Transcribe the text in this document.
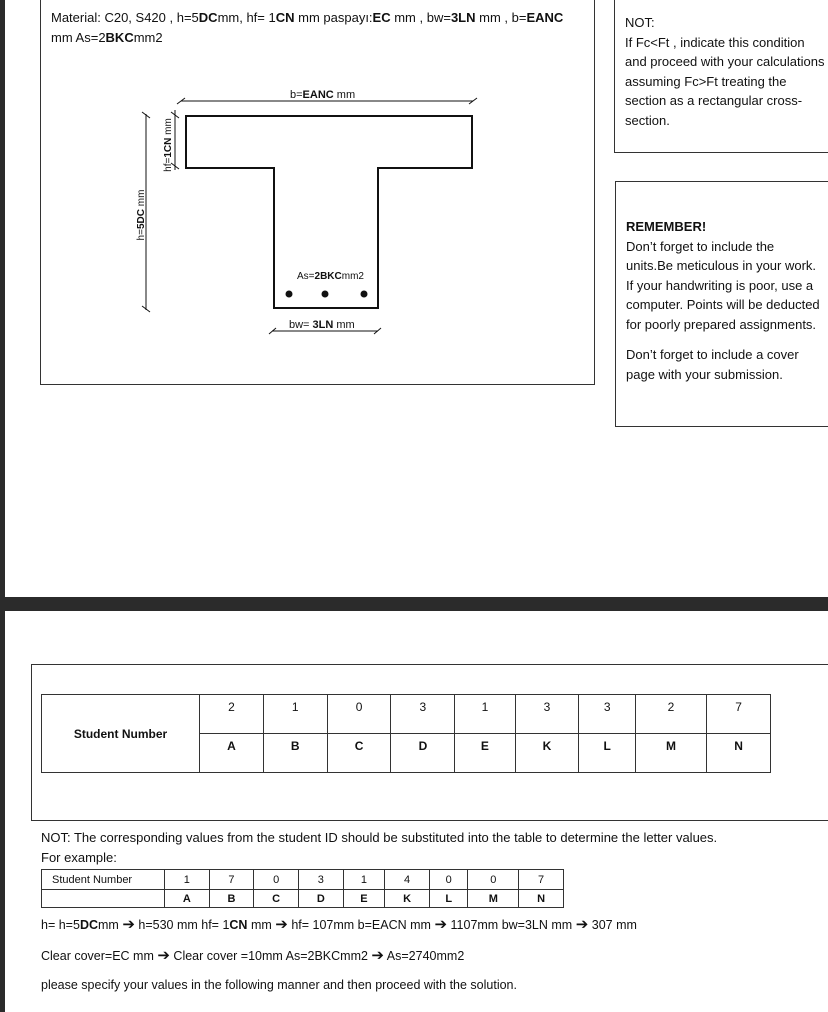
Material: C20, S420 , h=5DCmm, hf= 1CN mm paspayı:EC mm , bw=3LN mm , b=EANC
mm As=2BKCmm2
b=EANC mm
As=2BKCmm2
bw= 3LN mm
h=5DC mm
hf=1CN mm
NOT:
If Fc<Ft , indicate this condition and proceed with your calculations assuming Fc>Ft treating the section as a rectangular cross-section.
REMEMBER!
Don’t forget to include the units.Be meticulous in your work. If your handwriting is poor, use a computer. Points will be deducted for poorly prepared assignments.
Don’t forget to include a cover page with your submission.
Student Number	2	1	0	3	1	3	3	2	7
	A	B	C	D	E	K	L	M	N
NOT: The corresponding values from the student ID should be substituted into the table to determine the letter values.
For example:
Student Number	1	7	0	3	1	4	0	0	7
	A	B	C	D	E	K	L	M	N
h= h=5DCmm ➔ h=530 mm hf= 1CN mm ➔ hf= 107mm b=EACN mm ➔ 1107mm bw=3LN mm ➔ 307 mm
Clear cover=EC mm ➔ Clear cover =10mm As=2BKCmm2 ➔ As=2740mm2
please specify your values in the following manner and then proceed with the solution.
